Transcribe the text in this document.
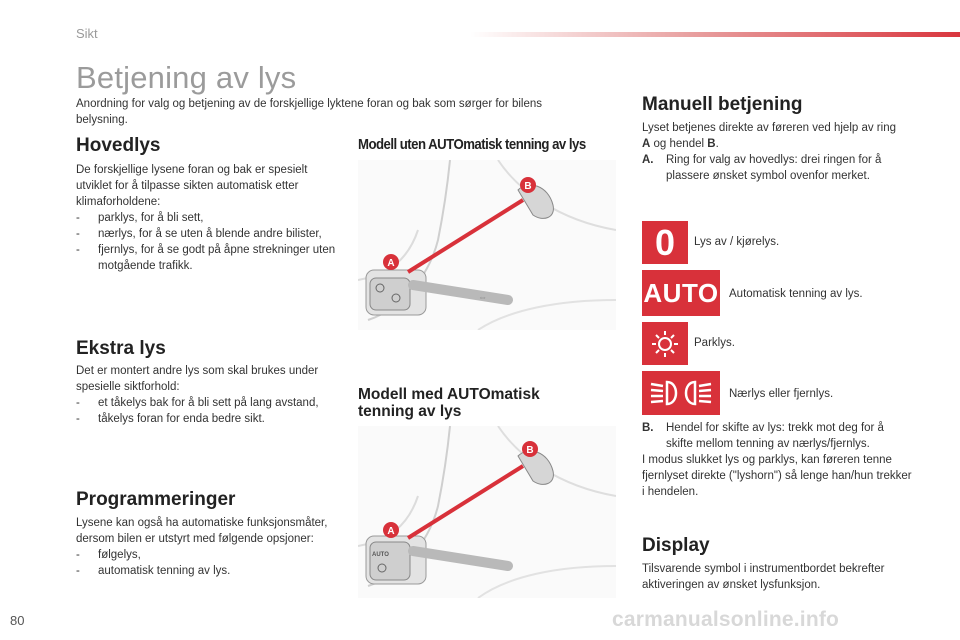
Sikt
Betjening av lys
Anordning for valg og betjening av de forskjellige lyktene foran og bak som sørger for bilens belysning.
Hovedlys
De forskjellige lysene foran og bak er spesielt utviklet for å tilpasse sikten automatisk etter klimaforholdene:
- parklys, for å bli sett,
- nærlys, for å se uten å blende andre bilister,
- fjernlys, for å se godt på åpne strekninger uten motgående trafikk.
Ekstra lys
Det er montert andre lys som skal brukes under spesielle siktforhold:
- et tåkelys bak for å bli sett på lang avstand,
- tåkelys foran for enda bedre sikt.
Programmeringer
Lysene kan også ha automatiske funksjonsmåter, dersom bilen er utstyrt med følgende opsjoner:
- følgelys,
- automatisk tenning av lys.
Modell uten AUTOmatisk tenning av lys
⇔
B
A
Modell med AUTOmatisk
tenning av lys
AUTO
B
A
Manuell betjening
Lyset betjenes direkte av føreren ved hjelp av ring A og hendel B.
A. Ring for valg av hovedlys: drei ringen for å plassere ønsket symbol ovenfor merket.
0 Lys av / kjørelys.
AUTO Automatisk tenning av lys.
Parklys.
Nærlys eller fjernlys.
B. Hendel for skifte av lys: trekk mot deg for å skifte mellom tenning av nærlys/fjernlys.
I modus slukket lys og parklys, kan føreren tenne fjernlyset direkte ("lyshorn") så lenge han/hun trekker i hendelen.
Display
Tilsvarende symbol i instrumentbordet bekrefter aktiveringen av ønsket lysfunksjon.
80	carmanualsonline.info
